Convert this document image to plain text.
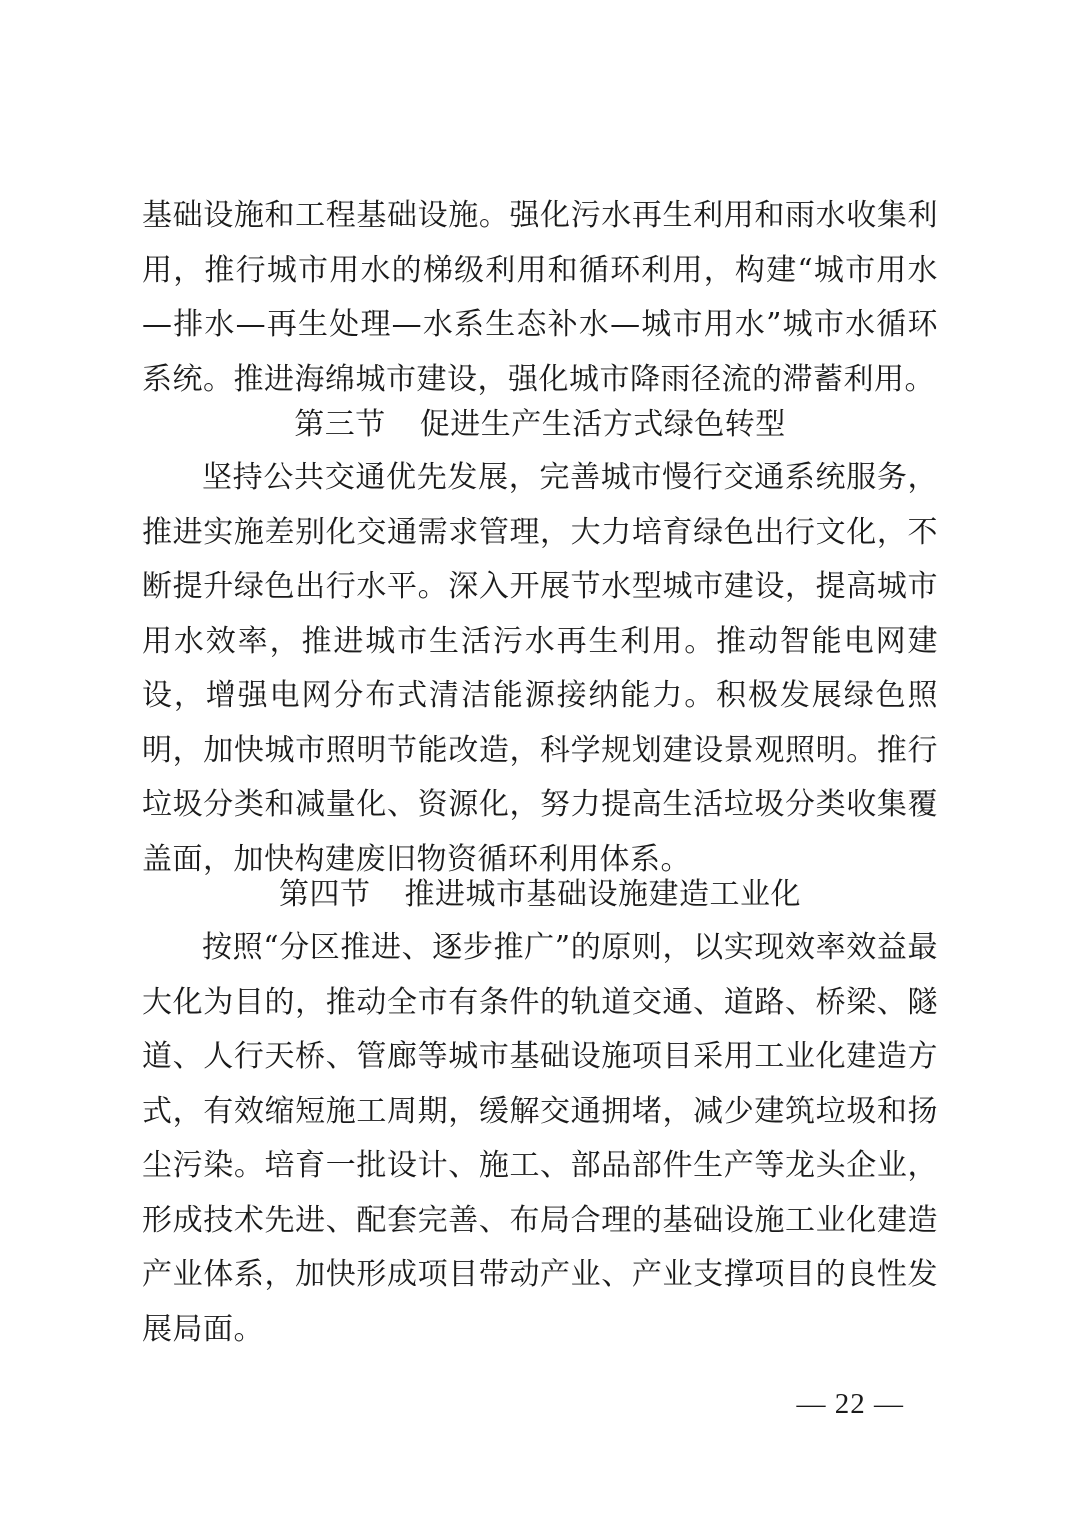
基础设施和工程基础设施。强化污水再生利用和雨水收集利用，推行城市用水的梯级利用和循环利用，构建“城市用水—排水—再生处理—水系生态补水—城市用水”城市水循环系统。推进海绵城市建设，强化城市降雨径流的滞蓄利用。

第三节 促进生产生活方式绿色转型

坚持公共交通优先发展，完善城市慢行交通系统服务，推进实施差别化交通需求管理，大力培育绿色出行文化，不断提升绿色出行水平。深入开展节水型城市建设，提高城市用水效率，推进城市生活污水再生利用。推动智能电网建设，增强电网分布式清洁能源接纳能力。积极发展绿色照明，加快城市照明节能改造，科学规划建设景观照明。推行垃圾分类和减量化、资源化，努力提高生活垃圾分类收集覆盖面，加快构建废旧物资循环利用体系。

第四节 推进城市基础设施建造工业化

按照“分区推进、逐步推广”的原则，以实现效率效益最大化为目的，推动全市有条件的轨道交通、道路、桥梁、隧道、人行天桥、管廊等城市基础设施项目采用工业化建造方式，有效缩短施工周期，缓解交通拥堵，减少建筑垃圾和扬尘污染。培育一批设计、施工、部品部件生产等龙头企业，形成技术先进、配套完善、布局合理的基础设施工业化建造产业体系，加快形成项目带动产业、产业支撑项目的良性发展局面。

— 22 —
